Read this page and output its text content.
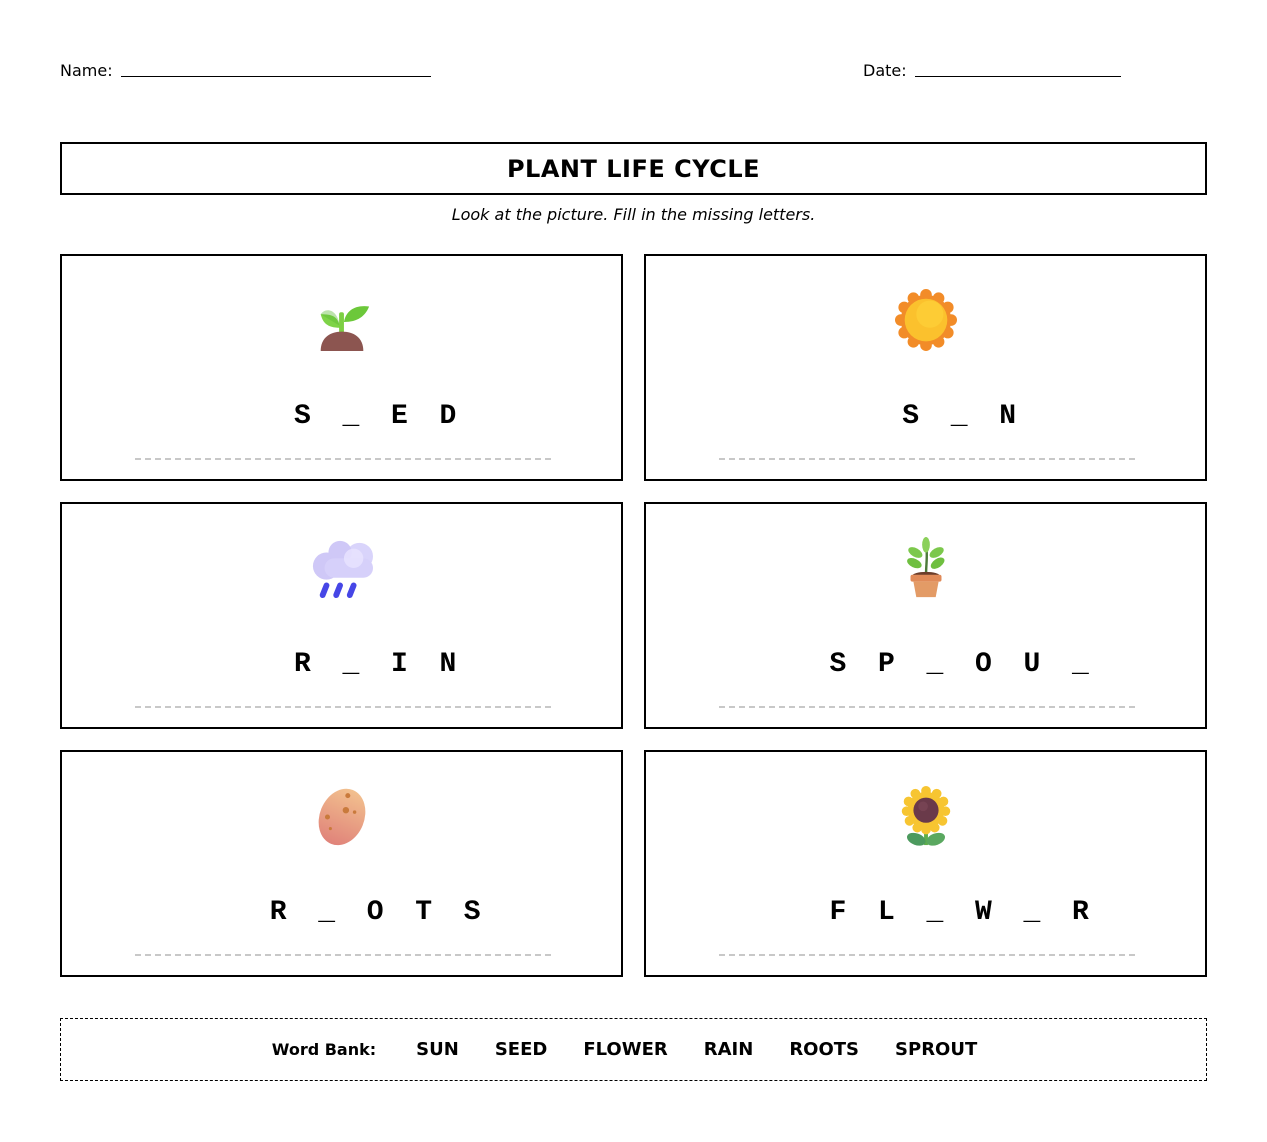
Name:	Date:
PLANT LIFE CYCLE
Look at the picture. Fill in the missing letters.

S _ E D
	S _ N

R _ I N
	S P _ O U _

R _ O T S
	F L _ W _ R

Word Bank: SUN SEED FLOWER RAIN ROOTS SPROUT
